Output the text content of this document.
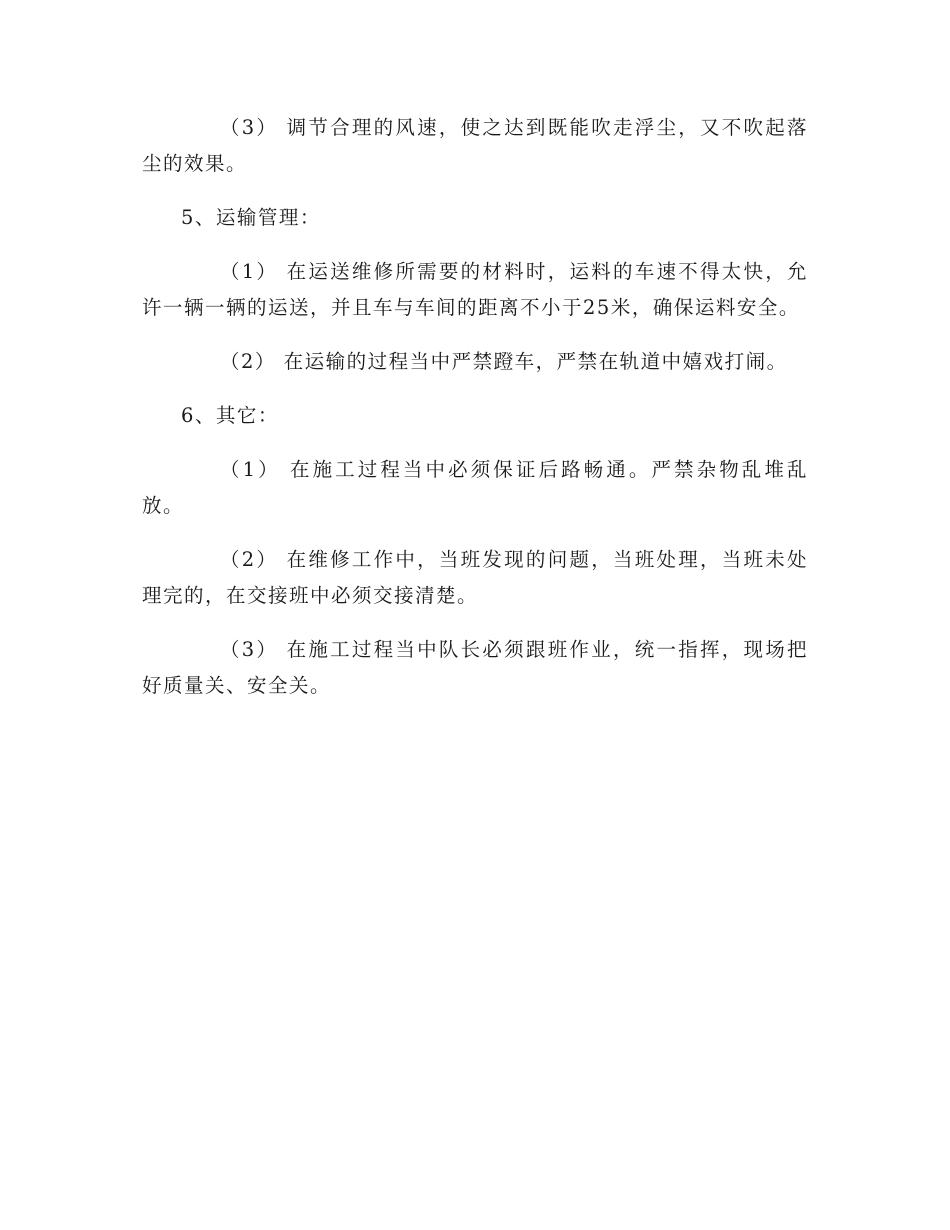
（3） 调节合理的风速，使之达到既能吹走浮尘，又不吹起落尘的效果。

5、运输管理：

（1） 在运送维修所需要的材料时，运料的车速不得太快，允许一辆一辆的运送，并且车与车间的距离不小于25米，确保运料安全。

（2） 在运输的过程当中严禁蹬车，严禁在轨道中嬉戏打闹。

6、其它：

（1） 在施工过程当中必须保证后路畅通。严禁杂物乱堆乱放。

（2） 在维修工作中，当班发现的问题，当班处理，当班未处理完的，在交接班中必须交接清楚。

（3） 在施工过程当中队长必须跟班作业，统一指挥，现场把好质量关、安全关。
